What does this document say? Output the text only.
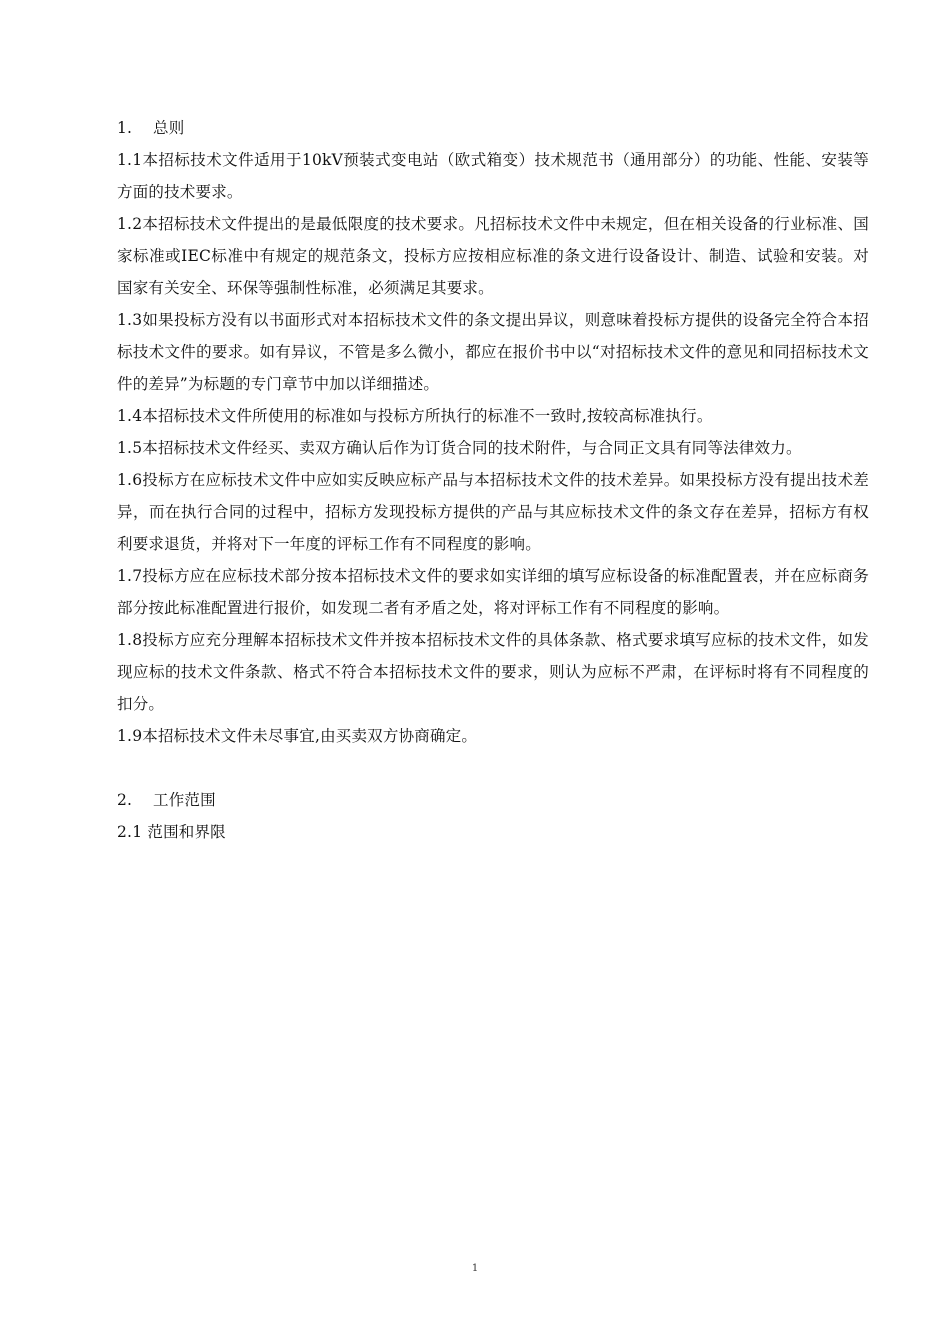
1. 总则

1.1本招标技术文件适用于10kV预装式变电站（欧式箱变）技术规范书（通用部分）的功能、性能、安装等方面的技术要求。

1.2本招标技术文件提出的是最低限度的技术要求。凡招标技术文件中未规定，但在相关设备的行业标准、国家标准或IEC标准中有规定的规范条文，投标方应按相应标准的条文进行设备设计、制造、试验和安装。对国家有关安全、环保等强制性标准，必须满足其要求。

1.3如果投标方没有以书面形式对本招标技术文件的条文提出异议，则意味着投标方提供的设备完全符合本招标技术文件的要求。如有异议，不管是多么微小，都应在报价书中以“对招标技术文件的意见和同招标技术文件的差异”为标题的专门章节中加以详细描述。

1.4本招标技术文件所使用的标准如与投标方所执行的标准不一致时,按较高标准执行。

1.5本招标技术文件经买、卖双方确认后作为订货合同的技术附件，与合同正文具有同等法律效力。

1.6投标方在应标技术文件中应如实反映应标产品与本招标技术文件的技术差异。如果投标方没有提出技术差异，而在执行合同的过程中，招标方发现投标方提供的产品与其应标技术文件的条文存在差异，招标方有权利要求退货，并将对下一年度的评标工作有不同程度的影响。

1.7投标方应在应标技术部分按本招标技术文件的要求如实详细的填写应标设备的标准配置表，并在应标商务部分按此标准配置进行报价，如发现二者有矛盾之处，将对评标工作有不同程度的影响。

1.8投标方应充分理解本招标技术文件并按本招标技术文件的具体条款、格式要求填写应标的技术文件，如发现应标的技术文件条款、格式不符合本招标技术文件的要求，则认为应标不严肃，在评标时将有不同程度的扣分。

1.9本招标技术文件未尽事宜,由买卖双方协商确定。

2. 工作范围
2.1 范围和界限
1
